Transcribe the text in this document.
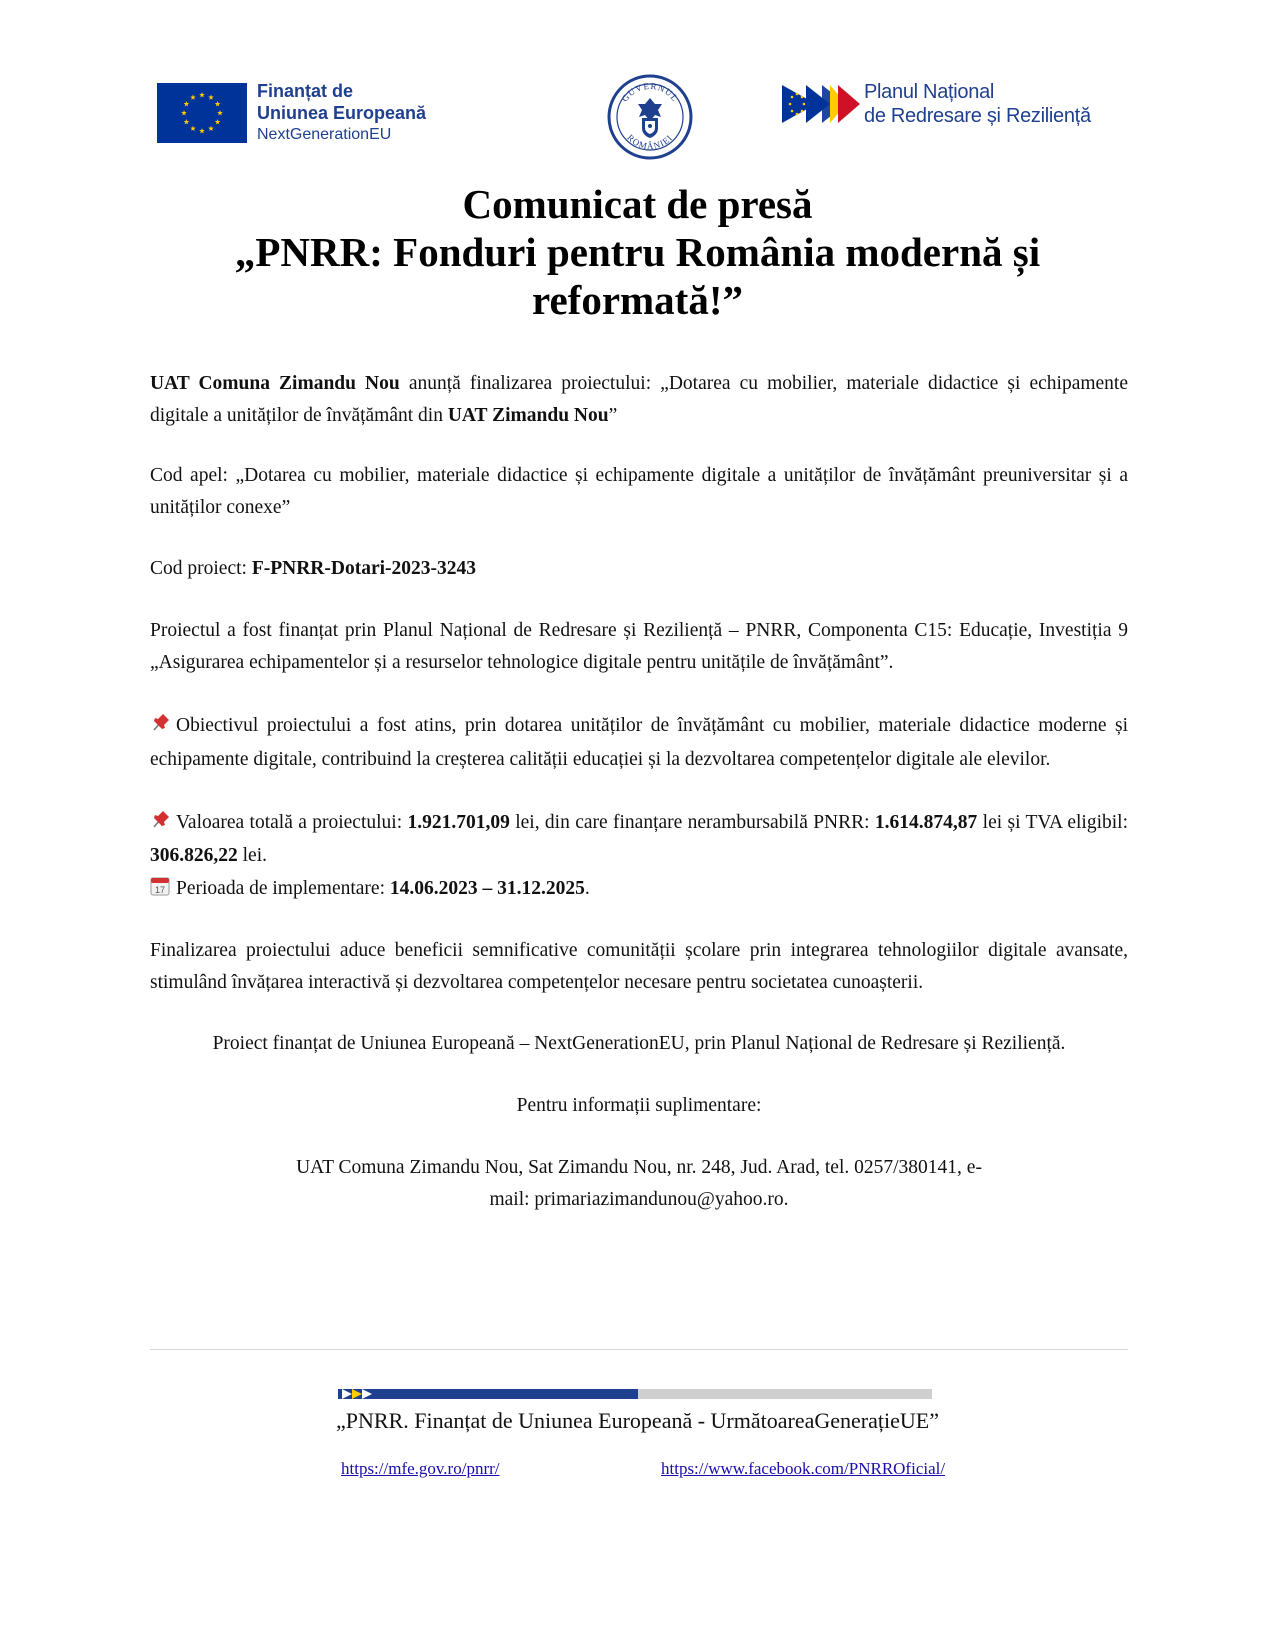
Finanțat de
Uniunea Europeană
NextGenerationEU
GUVERNUL
ROMÂNIEI
Planul Național
de Redresare și Reziliență
Comunicat de presă
„PNRR: Fonduri pentru România modernă și
reformată!”

UAT Comuna Zimandu Nou anunță finalizarea proiectului: „Dotarea cu mobilier, materiale didactice și echipamente digitale a unităților de învățământ din UAT Zimandu Nou”

Cod apel: „Dotarea cu mobilier, materiale didactice și echipamente digitale a unităților de învățământ preuniversitar și a unităților conexe”

Cod proiect: F-PNRR-Dotari-2023-3243

Proiectul a fost finanțat prin Planul Național de Redresare și Reziliență – PNRR, Componenta C15: Educație, Investiția 9 „Asigurarea echipamentelor și a resurselor tehnologice digitale pentru unitățile de învățământ”.

Obiectivul proiectului a fost atins, prin dotarea unităților de învățământ cu mobilier, materiale didactice moderne și echipamente digitale, contribuind la creșterea calității educației și la dezvoltarea competențelor digitale ale elevilor.

Valoarea totală a proiectului: 1.921.701,09 lei, din care finanțare nerambursabilă PNRR: 1.614.874,87 lei și TVA eligibil: 306.826,22 lei.

17 Perioada de implementare: 14.06.2023 – 31.12.2025.

Finalizarea proiectului aduce beneficii semnificative comunității școlare prin integrarea tehnologiilor digitale avansate, stimulând învățarea interactivă și dezvoltarea competențelor necesare pentru societatea cunoașterii.

Proiect finanțat de Uniunea Europeană – NextGenerationEU, prin Planul Național de Redresare și Reziliență.

Pentru informații suplimentare:

UAT Comuna Zimandu Nou, Sat Zimandu Nou, nr. 248, Jud. Arad, tel. 0257/380141, e-

mail: primariazimandunou@yahoo.ro.

„PNRR. Finanțat de Uniunea Europeană - UrmătoareaGenerațieUE”
https://mfe.gov.ro/pnrr/	https://www.facebook.com/PNRROficial/
